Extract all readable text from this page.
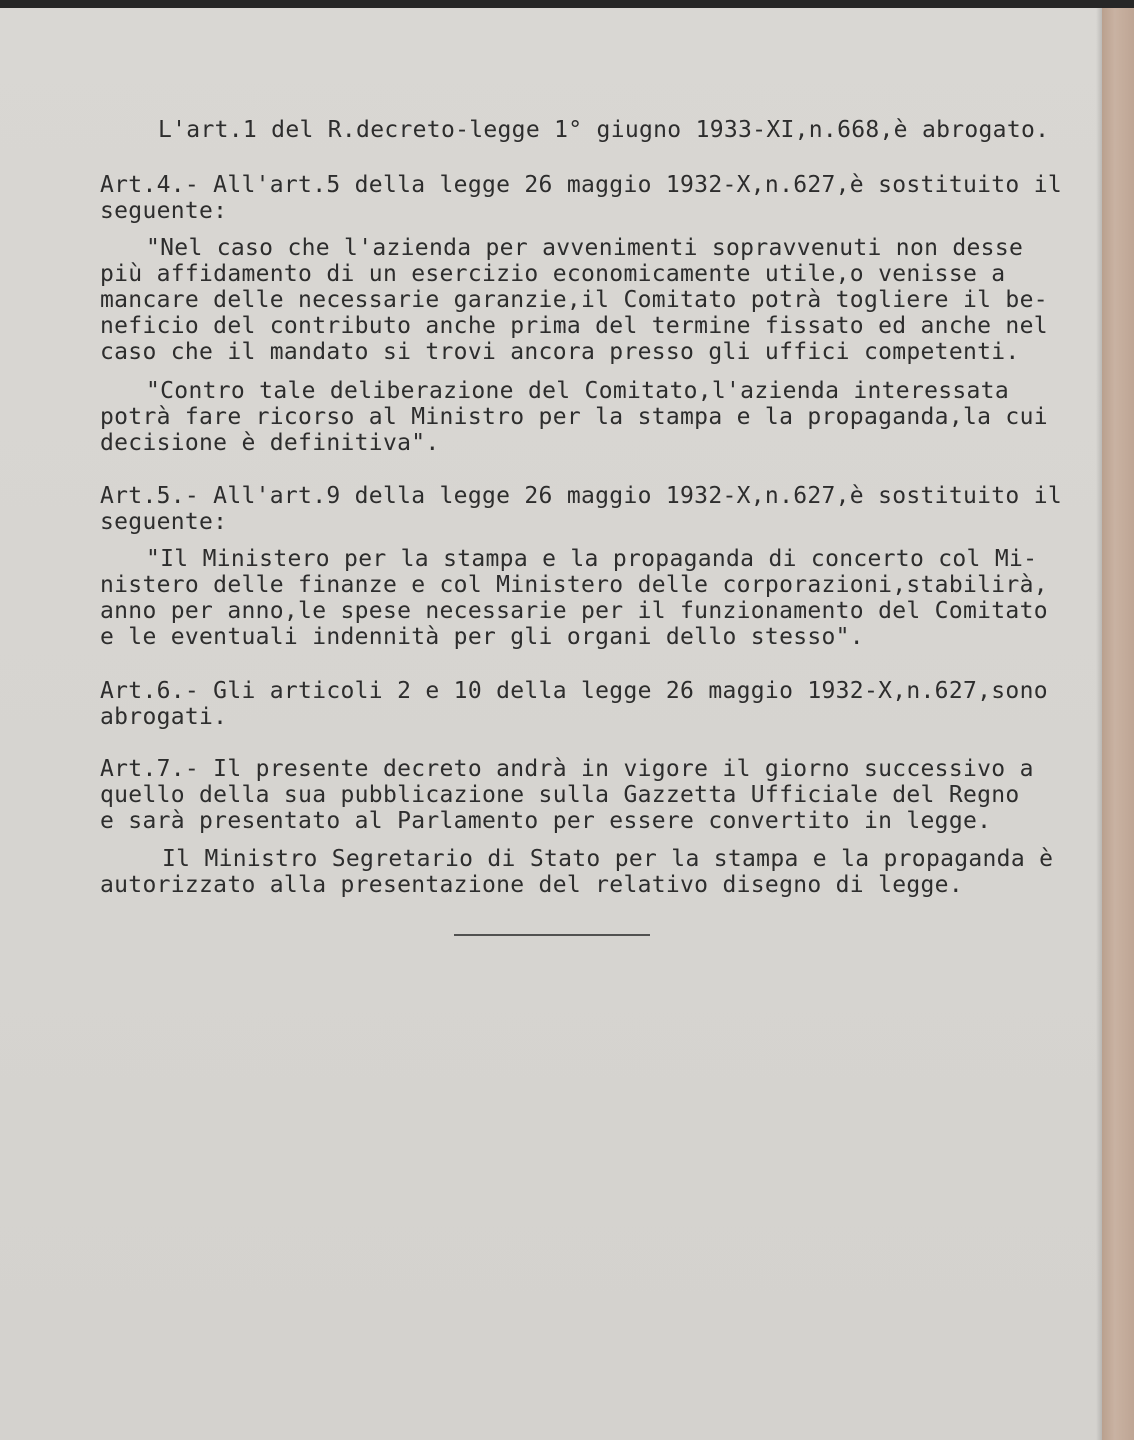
L'art.1 del R.decreto-legge 1° giugno 1933-XI,n.668,è abrogato.

Art.4.- All'art.5 della legge 26 maggio 1932-X,n.627,è sostituito il

seguente:

"Nel caso che l'azienda per avvenimenti sopravvenuti non desse

più affidamento di un esercizio economicamente utile,o venisse a

mancare delle necessarie garanzie,il Comitato potrà togliere il be-

neficio del contributo anche prima del termine fissato ed anche nel

caso che il mandato si trovi ancora presso gli uffici competenti.

"Contro tale deliberazione del Comitato,l'azienda interessata

potrà fare ricorso al Ministro per la stampa e la propaganda,la cui

decisione è definitiva".

Art.5.- All'art.9 della legge 26 maggio 1932-X,n.627,è sostituito il

seguente:

"Il Ministero per la stampa e la propaganda di concerto col Mi-

nistero delle finanze e col Ministero delle corporazioni,stabilirà,

anno per anno,le spese necessarie per il funzionamento del Comitato

e le eventuali indennità per gli organi dello stesso".

Art.6.- Gli articoli 2 e 10 della legge 26 maggio 1932-X,n.627,sono

abrogati.

Art.7.- Il presente decreto andrà in vigore il giorno successivo a

quello della sua pubblicazione sulla Gazzetta Ufficiale del Regno

e sarà presentato al Parlamento per essere convertito in legge.

Il Ministro Segretario di Stato per la stampa e la propaganda è

autorizzato alla presentazione del relativo disegno di legge.
